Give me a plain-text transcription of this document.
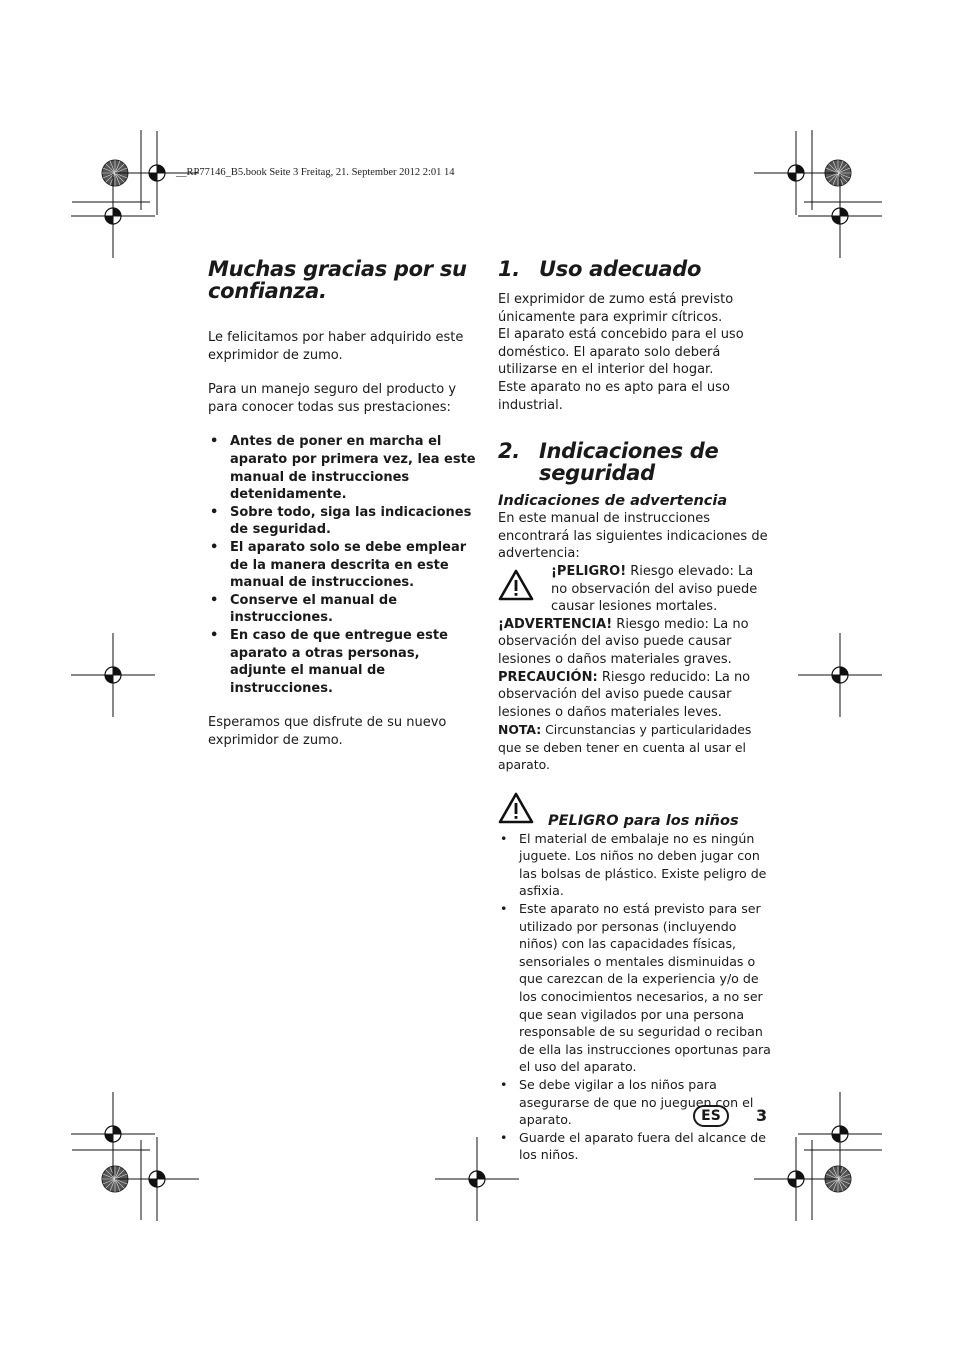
__RP77146_B5.book Seite 3 Freitag, 21. September 2012 2:01 14
Muchas gracias por su confianza.

Le felicitamos por haber adquirido este exprimidor de zumo.

Para un manejo seguro del producto y para conocer todas sus prestaciones:

• Antes de poner en marcha el aparato por primera vez, lea este manual de instrucciones detenidamente.
• Sobre todo, siga las indicaciones de seguridad.
• El aparato solo se debe emplear de la manera descrita en este manual de instrucciones.
• Conserve el manual de instrucciones.
• En caso de que entregue este aparato a otras personas, adjunte el manual de instrucciones.

Esperamos que disfrute de su nuevo exprimidor de zumo.

1. Uso adecuado

El exprimidor de zumo está previsto únicamente para exprimir cítricos.

El aparato está concebido para el uso doméstico. El aparato solo deberá utilizarse en el interior del hogar.

Este aparato no es apto para el uso industrial.

2. Indicaciones de seguridad
Indicaciones de advertencia

En este manual de instrucciones encontrará las siguientes indicaciones de advertencia:

¡PELIGRO! Riesgo elevado: La no observación del aviso puede causar lesiones mortales.

¡ADVERTENCIA! Riesgo medio: La no observación del aviso puede causar lesiones o daños materiales graves.

PRECAUCIÓN: Riesgo reducido: La no observación del aviso puede causar lesiones o daños materiales leves.

NOTA: Circunstancias y particularidades que se deben tener en cuenta al usar el aparato.

PELIGRO para los niños
• El material de embalaje no es ningún juguete. Los niños no deben jugar con las bolsas de plástico. Existe peligro de asfixia.
• Este aparato no está previsto para ser utilizado por personas (incluyendo niños) con las capacidades físicas, sensoriales o mentales disminuidas o que carezcan de la experiencia y/o de los conocimientos necesarios, a no ser que sean vigilados por una persona responsable de su seguridad o reciban de ella las instrucciones oportunas para el uso del aparato.
• Se debe vigilar a los niños para asegurarse de que no jueguen con el aparato.
• Guarde el aparato fuera del alcance de los niños.
ES	3
